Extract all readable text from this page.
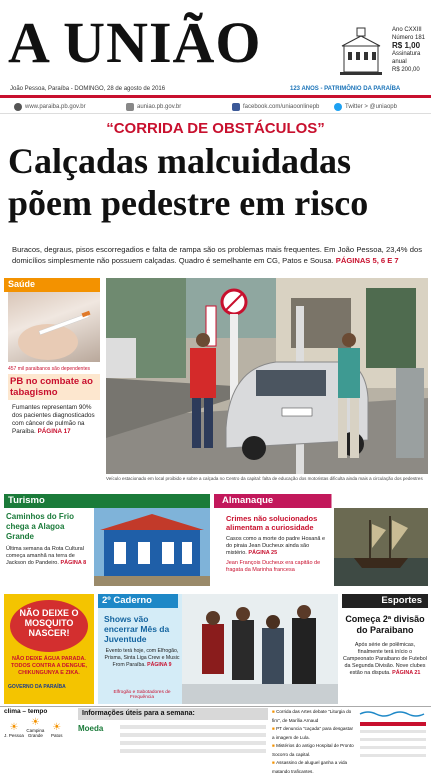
A UNIÃO	Ano CXXIII
Número 181
R$ 1,00
Assinatura
anual
R$ 200,00
João Pessoa, Paraíba - DOMINGO, 28 de agosto de 2016	123 ANOS - PATRIMÔNIO DA PARAÍBA
www.paraiba.pb.gov.br	auniao.pb.gov.br	facebook.com/uniaoonlinepb	Twitter > @uniaopb
“CORRIDA DE OBSTÁCULOS”
Calçadas malcuidadas
põem pedestre em risco
Buracos, degraus, pisos escorregadios e falta de rampa são os problemas mais frequentes. Em João Pessoa, 23,4% dos domicílios simplesmente não possuem calçadas. Quadro é semelhante em CG, Patos e Sousa. PÁGINAS 5, 6 E 7
Saúde
457 mil paraibanos são dependentes
PB no combate ao tabagismo
Fumantes representam 90% dos pacientes diagnosticados com câncer de pulmão na Paraíba. PÁGINA 17
Veículo estacionado em local proibido e sobre a calçada no Centro da capital: falta de educação dos motoristas dificulta ainda mais a circulação dos pedestres
Turismo
Caminhos do Frio chega a Alagoa Grande
Última semana da Rota Cultural começa amanhã na terra de Jackson do Pandeiro. PÁGINA 8
Almanaque
Crimes não solucionados alimentam a curiosidade
Casos como a morte do padre Hosanã e do piraia Jean Ducheux ainda são mistério. PÁGINA 25
Jean François Ducheux era capitão de fragata da Marinha francesa
NÃO DEIXE O MOSQUITO NASCER!
NÃO DEIXE ÁGUA PARADA. TODOS CONTRA A DENGUE, CHIKUNGUNYA E ZIKA.
GOVERNO DA PARAÍBA
2º Caderno
Shows vão encerrar Mês da Juventude
Evento terá hoje, com Elfrogão, Prisma, Sinta Liga Crew e Music From Paraíba. PÁGINA 9
Elfrogão e Sabotadores de Frequência
Esportes
Começa 2ª divisão do Paraibano
Após série de polêmicas, finalmente terá início o Campeonato Paraibano de Futebol da Segunda Divisão. Nove clubes estão na disputa. PÁGINA 21
clima – tempo
☀
J. Pessoa
☀
Campina Grande
☀
Patos
Informações úteis para a semana:
Moeda
■ Corrida das Artes debate "Liturgia do fim", de Marília Arnaud
■ PT denuncia "caçada" para desgastar a imagem de Lula.
■ Mistérios do antigo Hospital de Pronto Socorro da capital.
■ Assassino de aluguel ganha a vida matando traficantes.
